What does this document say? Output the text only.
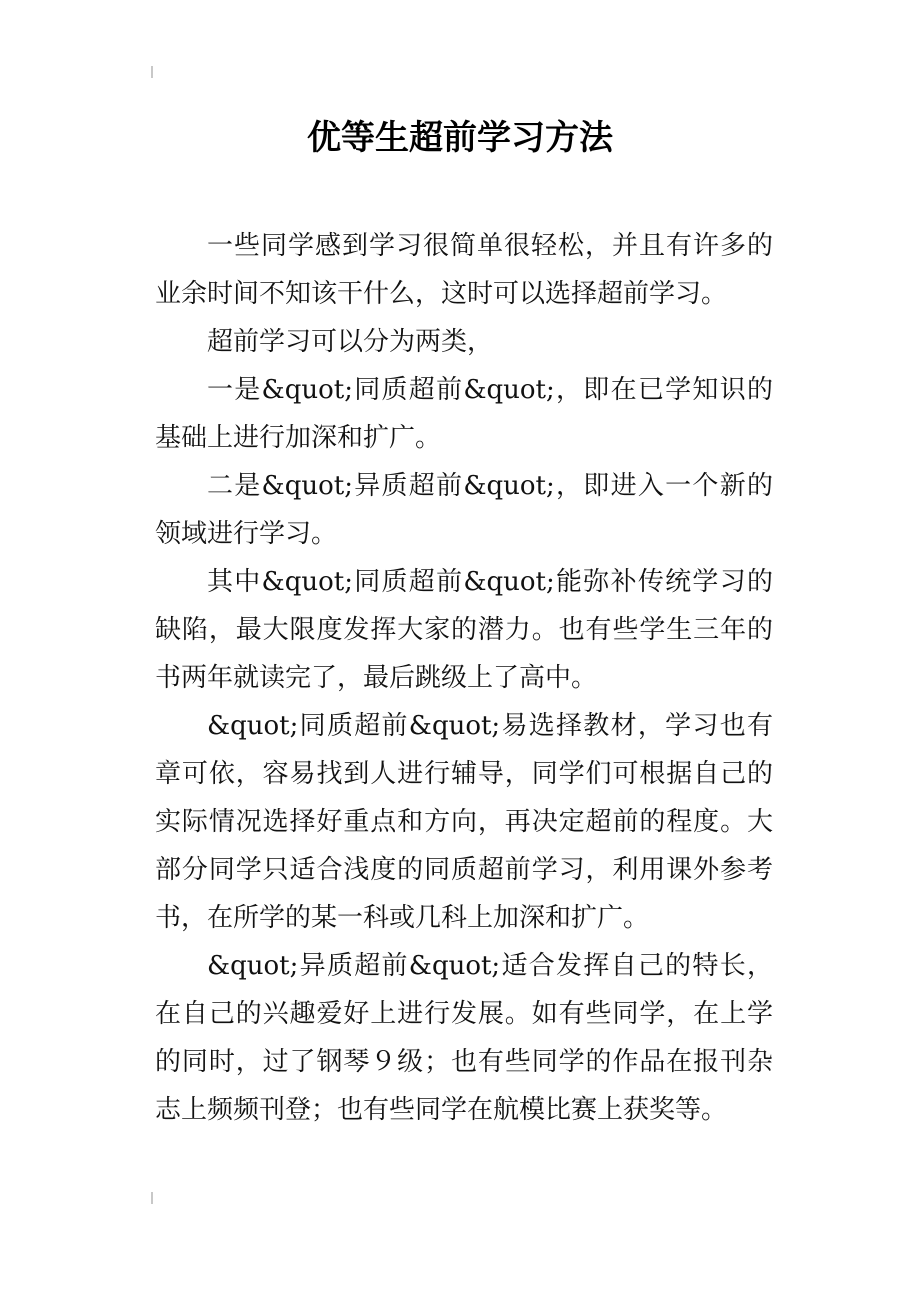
优等生超前学习方法

一些同学感到学习很简单很轻松，并且有许多的业余时间不知该干什么，这时可以选择超前学习。

超前学习可以分为两类，

一是&quot;同质超前&quot;，即在已学知识的基础上进行加深和扩广。

二是&quot;异质超前&quot;，即进入一个新的领域进行学习。

其中&quot;同质超前&quot;能弥补传统学习的缺陷，最大限度发挥大家的潜力。也有些学生三年的书两年就读完了，最后跳级上了高中。

&quot;同质超前&quot;易选择教材，学习也有章可依，容易找到人进行辅导，同学们可根据自己的实际情况选择好重点和方向，再决定超前的程度。大部分同学只适合浅度的同质超前学习，利用课外参考书，在所学的某一科或几科上加深和扩广。

&quot;异质超前&quot;适合发挥自己的特长，在自己的兴趣爱好上进行发展。如有些同学，在上学的同时，过了钢琴９级；也有些同学的作品在报刊杂志上频频刊登；也有些同学在航模比赛上获奖等。
